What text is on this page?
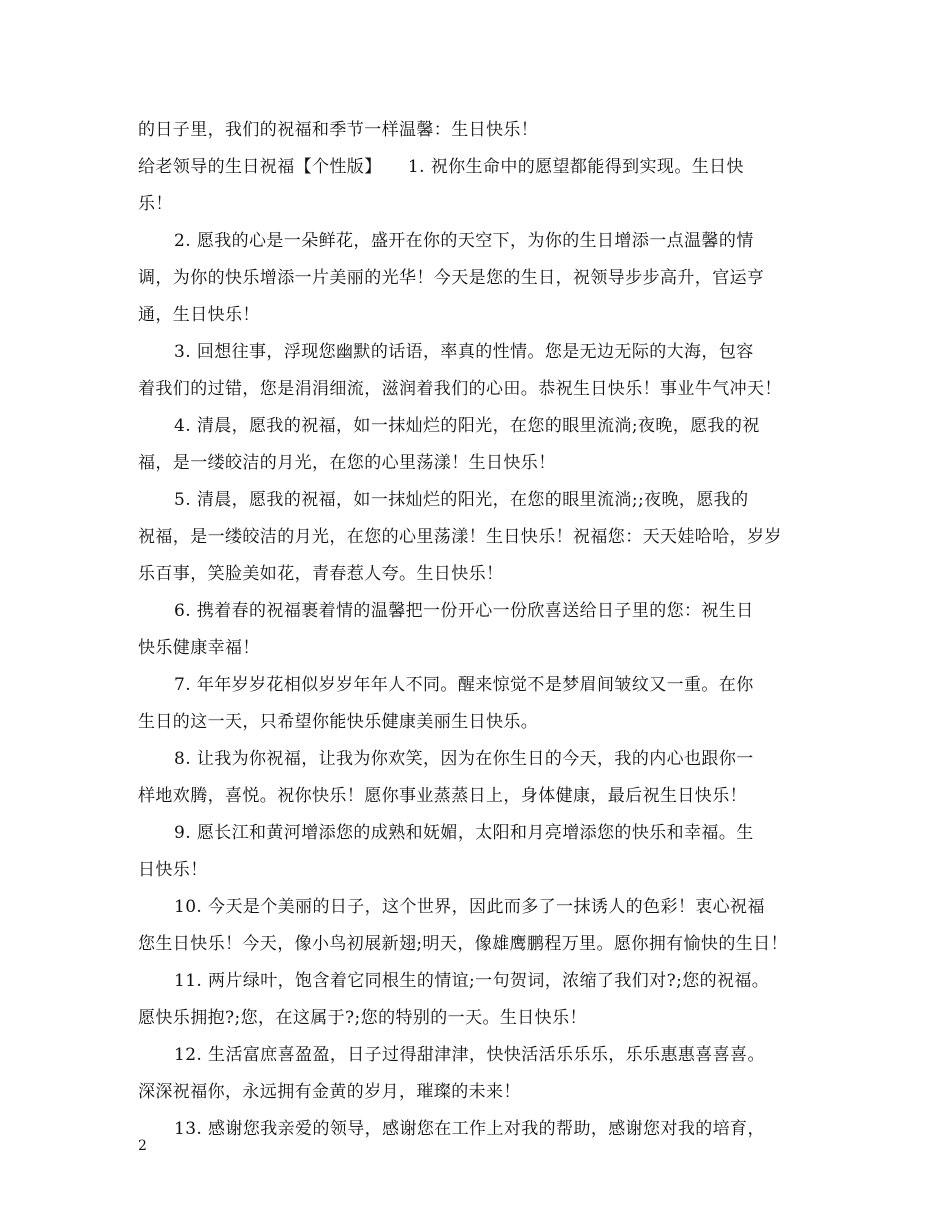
的日子里，我们的祝福和季节一样温馨：生日快乐！
给老领导的生日祝福【个性版】　　1. 祝你生命中的愿望都能得到实现。生日快
乐！
2. 愿我的心是一朵鲜花，盛开在你的天空下，为你的生日增添一点温馨的情
调，为你的快乐增添一片美丽的光华！今天是您的生日，祝领导步步高升，官运亨
通，生日快乐！
3. 回想往事，浮现您幽默的话语，率真的性情。您是无边无际的大海，包容
着我们的过错，您是涓涓细流，滋润着我们的心田。恭祝生日快乐！事业牛气冲天！
4. 清晨，愿我的祝福，如一抹灿烂的阳光，在您的眼里流淌;夜晚，愿我的祝
福，是一缕皎洁的月光，在您的心里荡漾！生日快乐！
5. 清晨，愿我的祝福，如一抹灿烂的阳光，在您的眼里流淌;;夜晚，愿我的
祝福，是一缕皎洁的月光，在您的心里荡漾！生日快乐！祝福您：天天娃哈哈，岁岁
乐百事，笑脸美如花，青春惹人夸。生日快乐！
6. 携着春的祝福裹着情的温馨把一份开心一份欣喜送给日子里的您：祝生日
快乐健康幸福！
7. 年年岁岁花相似岁岁年年人不同。醒来惊觉不是梦眉间皱纹又一重。在你
生日的这一天，只希望你能快乐健康美丽生日快乐。
8. 让我为你祝福，让我为你欢笑，因为在你生日的今天，我的内心也跟你一
样地欢腾，喜悦。祝你快乐！愿你事业蒸蒸日上，身体健康，最后祝生日快乐！
9. 愿长江和黄河增添您的成熟和妩媚，太阳和月亮增添您的快乐和幸福。生
日快乐！
10. 今天是个美丽的日子，这个世界，因此而多了一抹诱人的色彩！衷心祝福
您生日快乐！今天，像小鸟初展新翅;明天，像雄鹰鹏程万里。愿你拥有愉快的生日！
11. 两片绿叶，饱含着它同根生的情谊;一句贺词，浓缩了我们对?;您的祝福。
愿快乐拥抱?;您，在这属于?;您的特别的一天。生日快乐！
12. 生活富庶喜盈盈，日子过得甜津津，快快活活乐乐乐，乐乐惠惠喜喜喜。
深深祝福你，永远拥有金黄的岁月，璀璨的未来！
13. 感谢您我亲爱的领导，感谢您在工作上对我的帮助，感谢您对我的培育，
2
